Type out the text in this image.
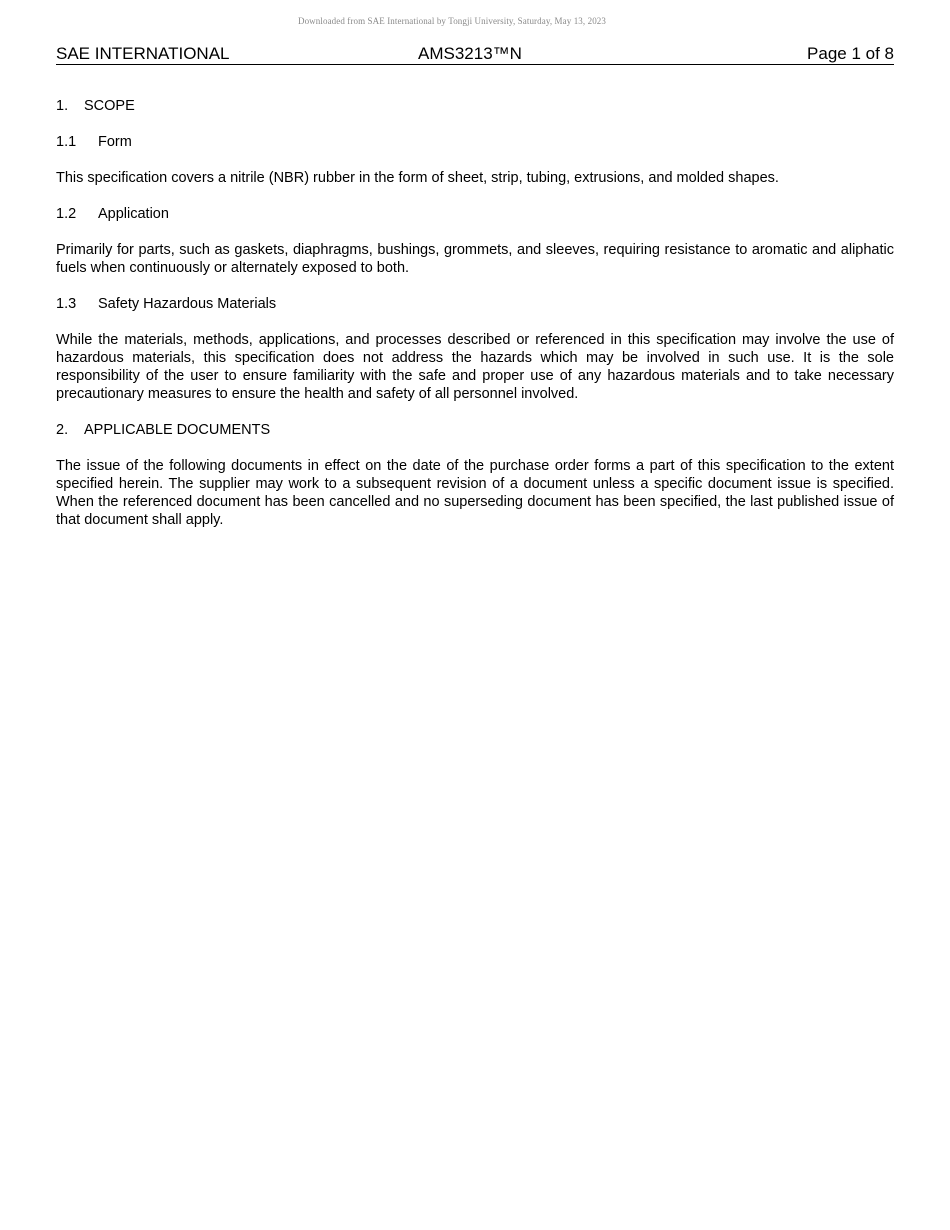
Downloaded from SAE International by Tongji University, Saturday, May 13, 2023
SAE INTERNATIONAL	AMS3213™N	Page 1 of 8
1. SCOPE
1.1 Form

This specification covers a nitrile (NBR) rubber in the form of sheet, strip, tubing, extrusions, and molded shapes.

1.2 Application

Primarily for parts, such as gaskets, diaphragms, bushings, grommets, and sleeves, requiring resistance to aromatic and aliphatic fuels when continuously or alternately exposed to both.

1.3 Safety Hazardous Materials

While the materials, methods, applications, and processes described or referenced in this specification may involve the use of hazardous materials, this specification does not address the hazards which may be involved in such use. It is the sole responsibility of the user to ensure familiarity with the safe and proper use of any hazardous materials and to take necessary precautionary measures to ensure the health and safety of all personnel involved.

2. APPLICABLE DOCUMENTS

The issue of the following documents in effect on the date of the purchase order forms a part of this specification to the extent specified herein. The supplier may work to a subsequent revision of a document unless a specific document issue is specified. When the referenced document has been cancelled and no superseding document has been specified, the last published issue of that document shall apply.
